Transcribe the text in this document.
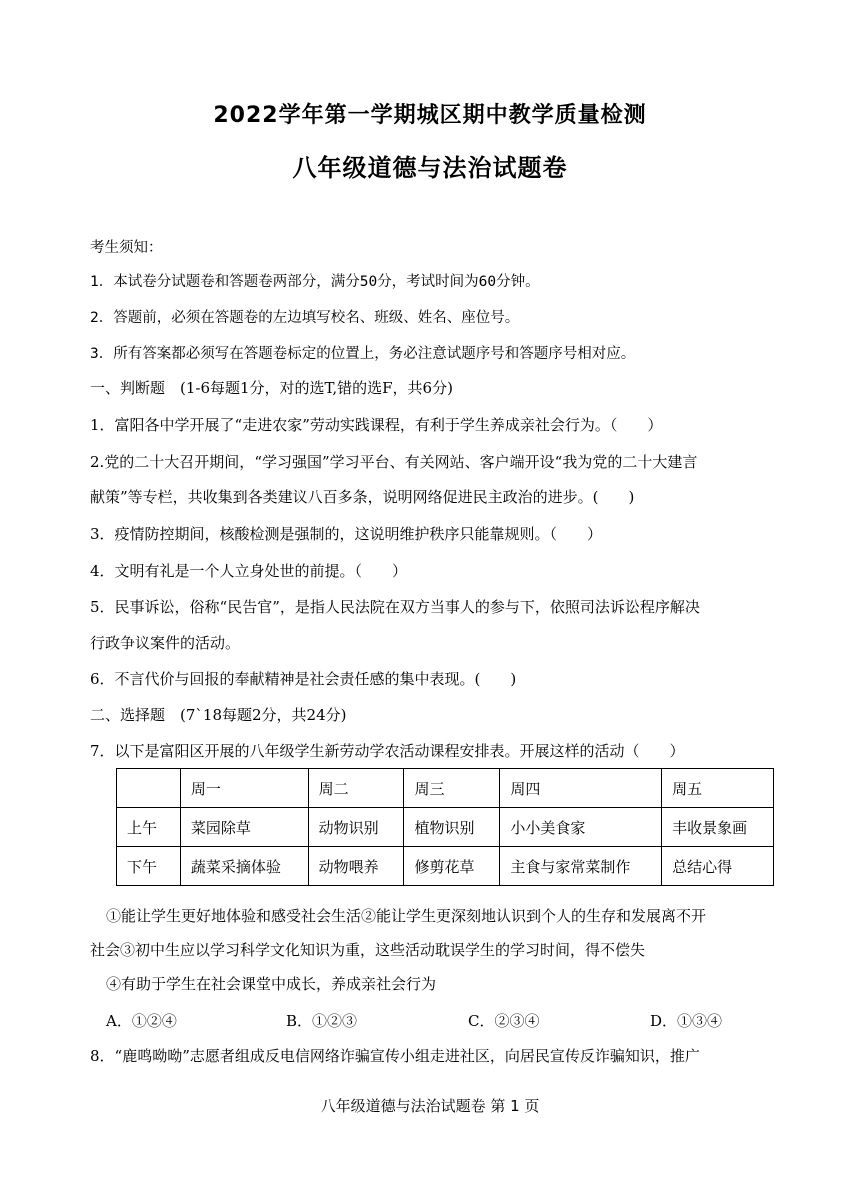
2022学年第一学期城区期中教学质量检测
八年级道德与法治试题卷
考生须知：
1．本试卷分试题卷和答题卷两部分，满分50分，考试时间为60分钟。
2．答题前，必须在答题卷的左边填写校名、班级、姓名、座位号。
3．所有答案都必须写在答题卷标定的位置上，务必注意试题序号和答题序号相对应。
一、判断题　(1-6每题1分，对的选T,错的选F，共6分)
1．富阳各中学开展了“走进农家”劳动实践课程，有利于学生养成亲社会行为。（　　）
2.党的二十大召开期间，“学习强国”学习平台、有关网站、客户端开设“我为党的二十大建言
献策”等专栏，共收集到各类建议八百多条，说明网络促进民主政治的进步。(　　)
3．疫情防控期间，核酸检测是强制的，这说明维护秩序只能靠规则。（　　）
4．文明有礼是一个人立身处世的前提。（　　）
5．民事诉讼，俗称“民告官”，是指人民法院在双方当事人的参与下，依照司法诉讼程序解决
行政争议案件的活动。
6．不言代价与回报的奉献精神是社会责任感的集中表现。(　　)
二、选择题　(7`18每题2分，共24分)
7．以下是富阳区开展的八年级学生新劳动学农活动课程安排表。开展这样的活动（　　）
	周一	周二	周三	周四	周五
上午	菜园除草	动物识别	植物识别	小小美食家	丰收景象画
下午	蔬菜采摘体验	动物喂养	修剪花草	主食与家常菜制作	总结心得
①能让学生更好地体验和感受社会生活②能让学生更深刻地认识到个人的生存和发展离不开
社会③初中生应以学习科学文化知识为重，这些活动耽误学生的学习时间，得不偿失
④有助于学生在社会课堂中成长，养成亲社会行为
A．①②④	B．①②③	C．②③④	D．①③④
8．“鹿鸣呦呦”志愿者组成反电信网络诈骗宣传小组走进社区，向居民宣传反诈骗知识，推广
八年级道德与法治试题卷 第 1 页
